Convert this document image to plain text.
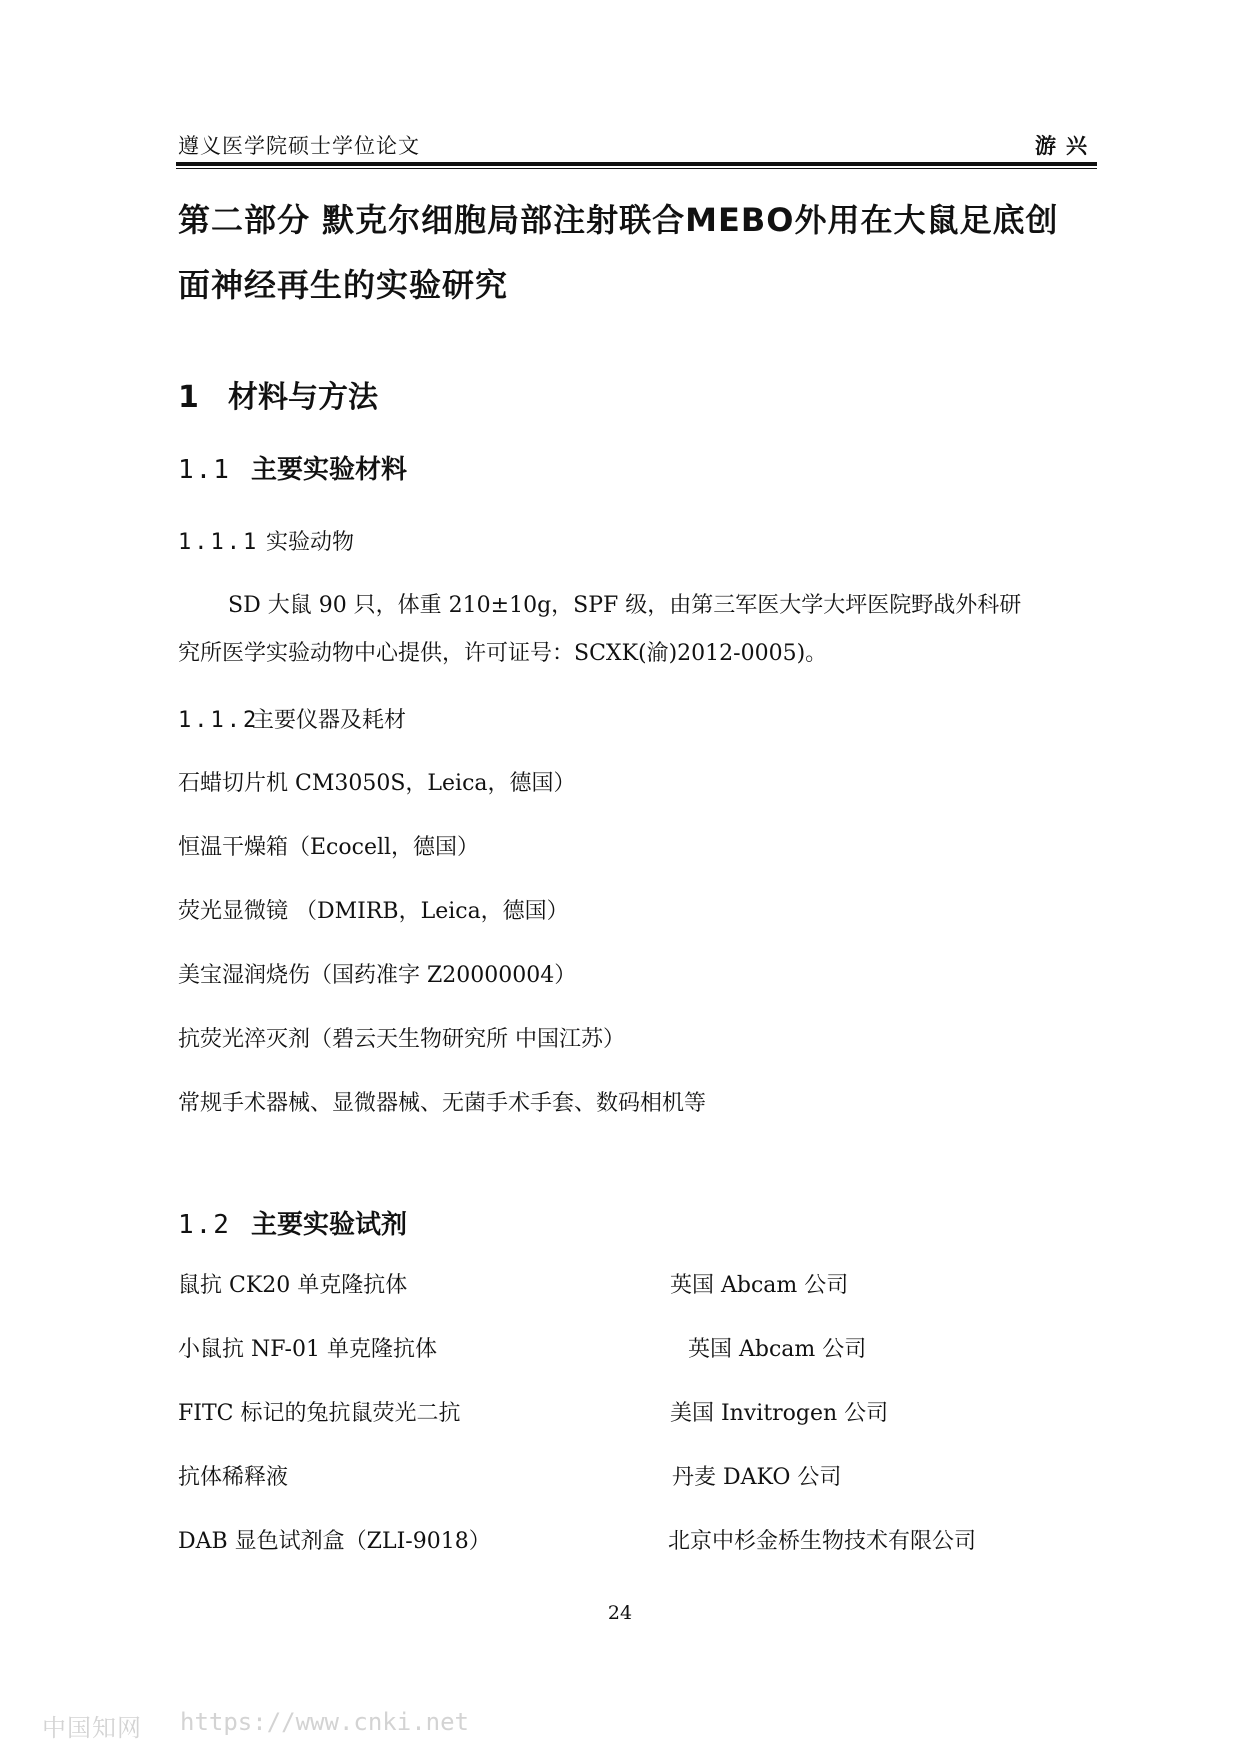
遵义医学院硕士学位论文	游兴
第二部分 默克尔细胞局部注射联合MEBO外用在大鼠足底创
面神经再生的实验研究
1 材料与方法
1.1 主要实验材料
1.1.1 实验动物
SD 大鼠 90 只，体重 210±10g，SPF 级，由第三军医大学大坪医院野战外科研
究所医学实验动物中心提供，许可证号：SCXK(渝)2012-0005)。
1.1.2主要仪器及耗材
石蜡切片机 CM3050S，Leica，德国）
恒温干燥箱（Ecocell，德国）
荧光显微镜 （DMIRB，Leica，德国）
美宝湿润烧伤（国药准字 Z20000004）
抗荧光淬灭剂（碧云天生物研究所 中国江苏）
常规手术器械、显微器械、无菌手术手套、数码相机等
1.2 主要实验试剂
鼠抗 CK20 单克隆抗体	英国 Abcam 公司
小鼠抗 NF-01 单克隆抗体	英国 Abcam 公司
FITC 标记的兔抗鼠荧光二抗	美国 Invitrogen 公司
抗体稀释液	丹麦 DAKO 公司
DAB 显色试剂盒（ZLI-9018）	北京中杉金桥生物技术有限公司
24
中国知网 https://www.cnki.net
